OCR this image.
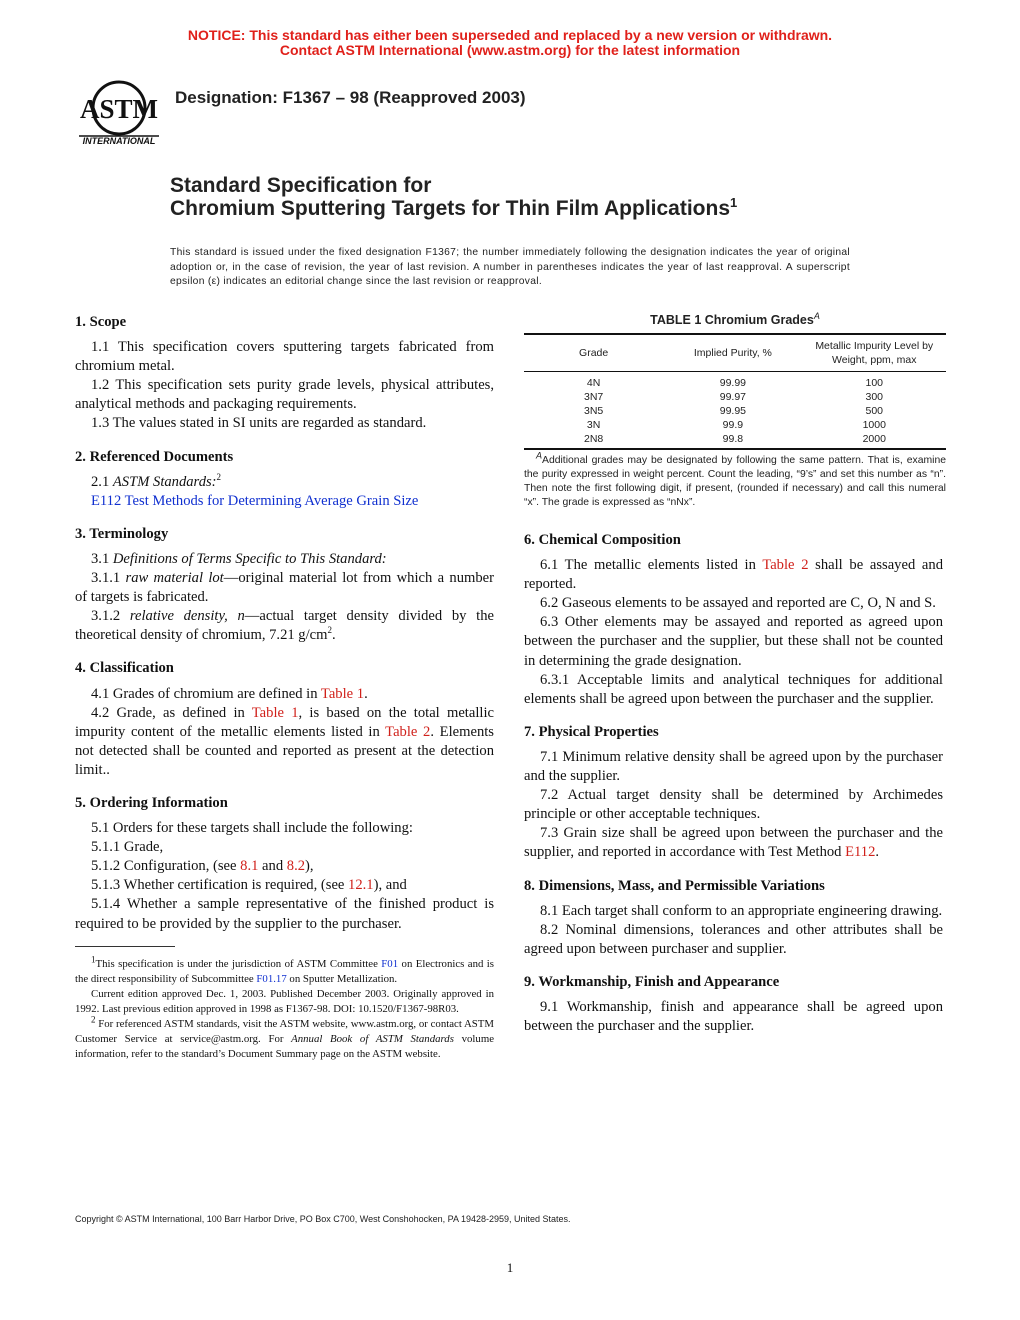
NOTICE: This standard has either been superseded and replaced by a new version or withdrawn.
Contact ASTM International (www.astm.org) for the latest information
ASTM
INTERNATIONAL
Designation: F1367 – 98 (Reapproved 2003)
Standard Specification for
Chromium Sputtering Targets for Thin Film Applications$^1$
This standard is issued under the fixed designation F1367; the number immediately following the designation indicates the year of original adoption or, in the case of revision, the year of last revision. A number in parentheses indicates the year of last reapproval. A superscript epsilon (ε) indicates an editorial change since the last revision or reapproval.
1. Scope

1.1 This specification covers sputtering targets fabricated from chromium metal.

1.2 This specification sets purity grade levels, physical attributes, analytical methods and packaging requirements.

1.3 The values stated in SI units are regarded as standard.

2. Referenced Documents

2.1 ASTM Standards:$^2$

E112 Test Methods for Determining Average Grain Size

3. Terminology

3.1 Definitions of Terms Specific to This Standard:

3.1.1 raw material lot—original material lot from which a number of targets is fabricated.

3.1.2 relative density, n—actual target density divided by the theoretical density of chromium, 7.21 $g/cm^2$.

4. Classification

4.1 Grades of chromium are defined in Table 1.

4.2 Grade, as defined in Table 1, is based on the total metallic impurity content of the metallic elements listed in Table 2. Elements not detected shall be counted and reported as present at the detection limit..

5. Ordering Information

5.1 Orders for these targets shall include the following:

5.1.1 Grade,

5.1.2 Configuration, (see 8.1 and 8.2),

5.1.3 Whether certification is required, (see 12.1), and

5.1.4 Whether a sample representative of the finished product is required to be provided by the supplier to the purchaser.

TABLE 1 Chromium Grades$^A$
Grade	Implied Purity, %	Metallic Impurity Level by Weight, ppm, max
4N	99.99	100
3N7	99.97	300
3N5	99.95	500
3N	99.9	1000
2N8	99.8	2000
$^A$Additional grades may be designated by following the same pattern. That is, examine the purity expressed in weight percent. Count the leading, “9’s” and set this number as “n”. Then note the first following digit, if present, (rounded if necessary) and call this numeral “x”. The grade is expressed as “nNx”.
6. Chemical Composition

6.1 The metallic elements listed in Table 2 shall be assayed and reported.

6.2 Gaseous elements to be assayed and reported are C, O, N and S.

6.3 Other elements may be assayed and reported as agreed upon between the purchaser and the supplier, but these shall not be counted in determining the grade designation.

6.3.1 Acceptable limits and analytical techniques for additional elements shall be agreed upon between the purchaser and the supplier.

7. Physical Properties

7.1 Minimum relative density shall be agreed upon by the purchaser and the supplier.

7.2 Actual target density shall be determined by Archimedes principle or other acceptable techniques.

7.3 Grain size shall be agreed upon between the purchaser and the supplier, and reported in accordance with Test Method E112.

8. Dimensions, Mass, and Permissible Variations

8.1 Each target shall conform to an appropriate engineering drawing.

8.2 Nominal dimensions, tolerances and other attributes shall be agreed upon between purchaser and supplier.

9. Workmanship, Finish and Appearance

9.1 Workmanship, finish and appearance shall be agreed upon between the purchaser and the supplier.

$^1$This specification is under the jurisdiction of ASTM Committee F01 on Electronics and is the direct responsibility of Subcommittee F01.17 on Sputter Metallization.

Current edition approved Dec. 1, 2003. Published December 2003. Originally approved in 1992. Last previous edition approved in 1998 as F1367-98. DOI: 10.1520/F1367-98R03.

$^2$ For referenced ASTM standards, visit the ASTM website, www.astm.org, or contact ASTM Customer Service at service@astm.org. For Annual Book of ASTM Standards volume information, refer to the standard’s Document Summary page on the ASTM website.

Copyright © ASTM International, 100 Barr Harbor Drive, PO Box C700, West Conshohocken, PA 19428-2959, United States.
1
